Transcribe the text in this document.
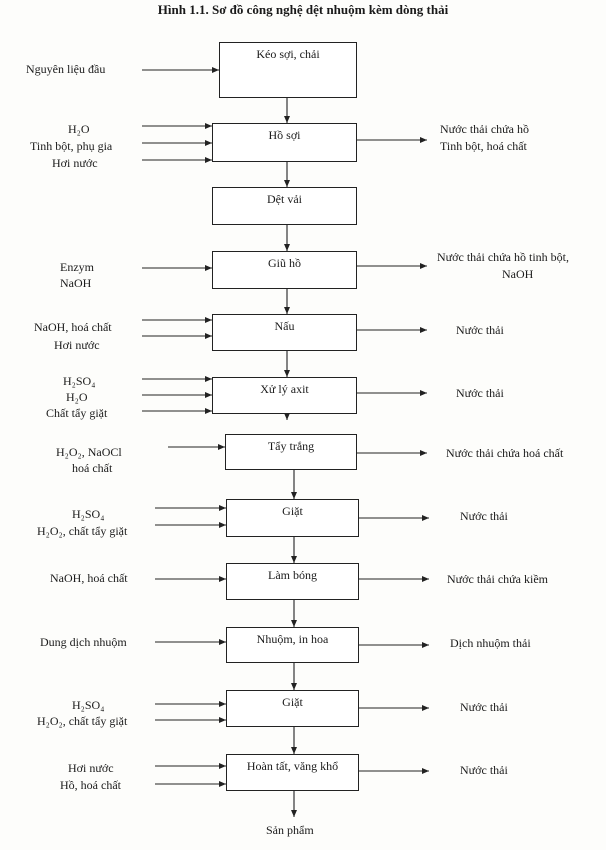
Hình 1.1. Sơ đồ công nghệ dệt nhuộm kèm dòng thải
Kéo sợi, chải
Hồ sợi
Dệt vải
Giũ hồ
Nấu
Xử lý axit
Tẩy trắng
Giặt
Làm bóng
Nhuộm, in hoa
Giặt
Hoàn tất, văng khổ
Nguyên liệu đầu
H₂O
Tinh bột, phụ gia
Hơi nước
Enzym
NaOH
NaOH, hoá chất
Hơi nước
H₂SO₄
H₂O
Chất tẩy giặt
H₂O₂, NaOCl
hoá chất
H₂SO₄
H₂O₂, chất tẩy giặt
NaOH, hoá chất
Dung dịch nhuộm
H₂SO₄
H₂O₂, chất tẩy giặt
Hơi nước
Hồ, hoá chất
Nước thải chứa hồ
Tinh bột, hoá chất
Nước thải chứa hồ tinh bột,
NaOH
Nước thải
Nước thải
Nước thải chứa hoá chất
Nước thải
Nước thải chứa kiềm
Dịch nhuộm thải
Nước thải
Nước thải
Sản phẩm
